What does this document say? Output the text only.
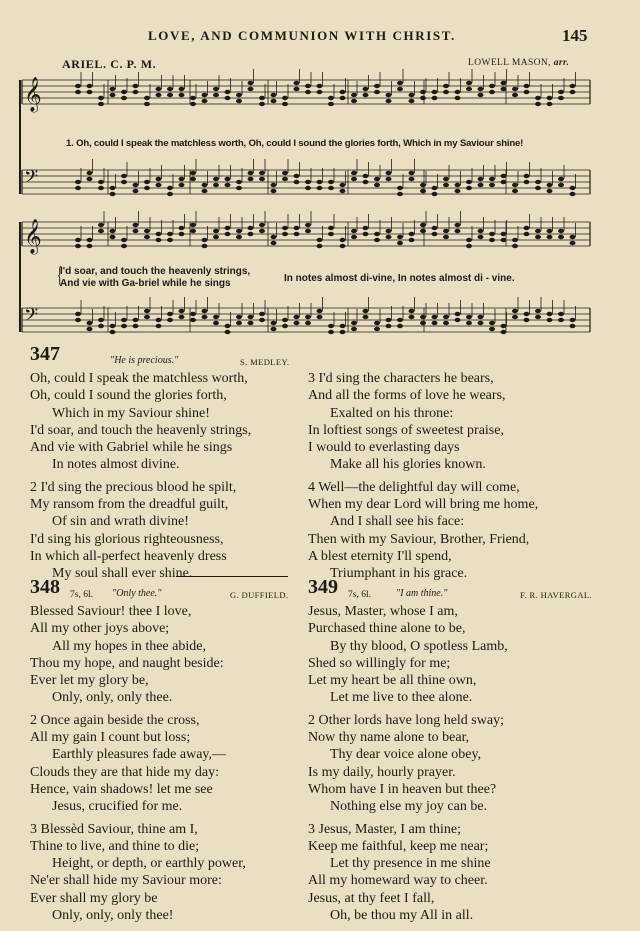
LOVE, AND COMMUNION WITH CHRIST.	145
ARIEL. C. P. M.	LOWELL MASON, arr.
𝄞
𝄢
𝄞
𝄢
1. Oh, could I speak the matchless worth, Oh, could I sound the glories forth, Which in my Saviour shine!
{
I'd soar, and touch the heavenly strings,
And vie with Ga-briel while he sings	In notes almost di-vine, In notes almost di - vine.
347	"He is precious."	S. MEDLEY.
Oh, could I speak the matchless worth,
Oh, could I sound the glories forth,
Which in my Saviour shine!
I'd soar, and touch the heavenly strings,
And vie with Gabriel while he sings
In notes almost divine.
2 I'd sing the precious blood he spilt,
My ransom from the dreadful guilt,
Of sin and wrath divine!
I'd sing his glorious righteousness,
In which all-perfect heavenly dress
My soul shall ever shine.
3 I'd sing the characters he bears,
And all the forms of love he wears,
Exalted on his throne:
In loftiest songs of sweetest praise,
I would to everlasting days
Make all his glories known.
4 Well—the delightful day will come,
When my dear Lord will bring me home,
And I shall see his face:
Then with my Saviour, Brother, Friend,
A blest eternity I'll spend,
Triumphant in his grace.
348 7s, 6l. "Only thee."	G. DUFFIELD.
Blessed Saviour! thee I love,
All my other joys above;
All my hopes in thee abide,
Thou my hope, and naught beside:
Ever let my glory be,
Only, only, only thee.
2 Once again beside the cross,
All my gain I count but loss;
Earthly pleasures fade away,—
Clouds they are that hide my day:
Hence, vain shadows! let me see
Jesus, crucified for me.
3 Blessèd Saviour, thine am I,
Thine to live, and thine to die;
Height, or depth, or earthly power,
Ne'er shall hide my Saviour more:
Ever shall my glory be
Only, only, only thee!
349 7s, 6l.	"I am thine."	F. R. HAVERGAL.
Jesus, Master, whose I am,
Purchased thine alone to be,
By thy blood, O spotless Lamb,
Shed so willingly for me;
Let my heart be all thine own,
Let me live to thee alone.
2 Other lords have long held sway;
Now thy name alone to bear,
Thy dear voice alone obey,
Is my daily, hourly prayer.
Whom have I in heaven but thee?
Nothing else my joy can be.
3 Jesus, Master, I am thine;
Keep me faithful, keep me near;
Let thy presence in me shine
All my homeward way to cheer.
Jesus, at thy feet I fall,
Oh, be thou my All in all.
